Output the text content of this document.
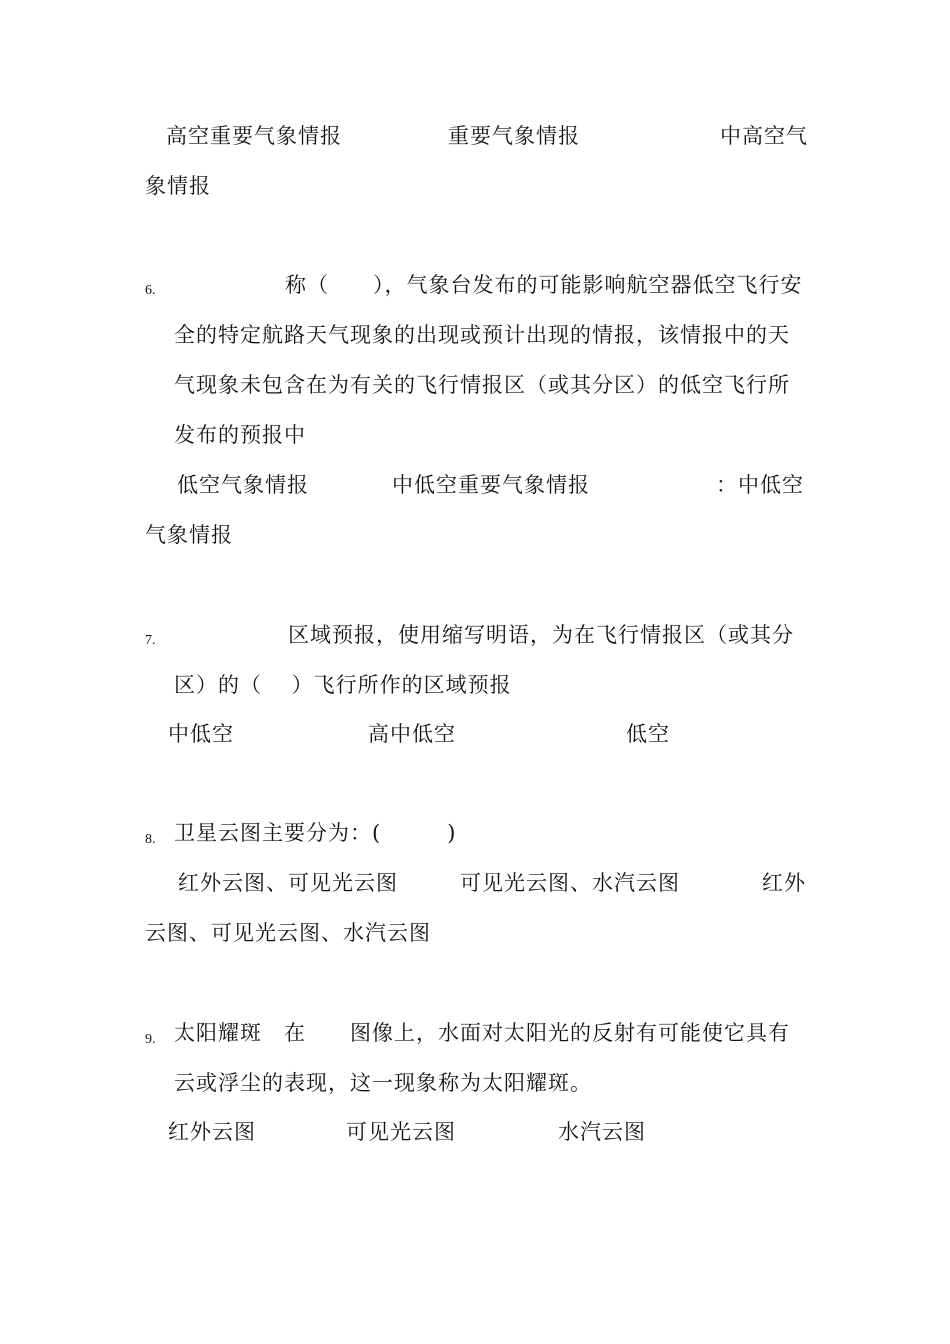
高空重要气象情报	重要气象情报	中高空气
象情报
6.	称（　　），气象台发布的可能影响航空器低空飞行安
全的特定航路天气现象的出现或预计出现的情报，该情报中的天
气现象未包含在为有关的飞行情报区（或其分区）的低空飞行所
发布的预报中
低空气象情报	中低空重要气象情报	：中低空
气象情报
7.	区域预报，使用缩写明语，为在飞行情报区（或其分
区）的（　 ）飞行所作的区域预报
中低空	高中低空	低空
8. 卫星云图主要分为：(　　　)
红外云图、可见光云图	可见光云图、水汽云图	红外
云图、可见光云图、水汽云图
9. 太阳耀斑　在　　图像上，水面对太阳光的反射有可能使它具有
云或浮尘的表现，这一现象称为太阳耀斑。
红外云图	可见光云图	水汽云图
